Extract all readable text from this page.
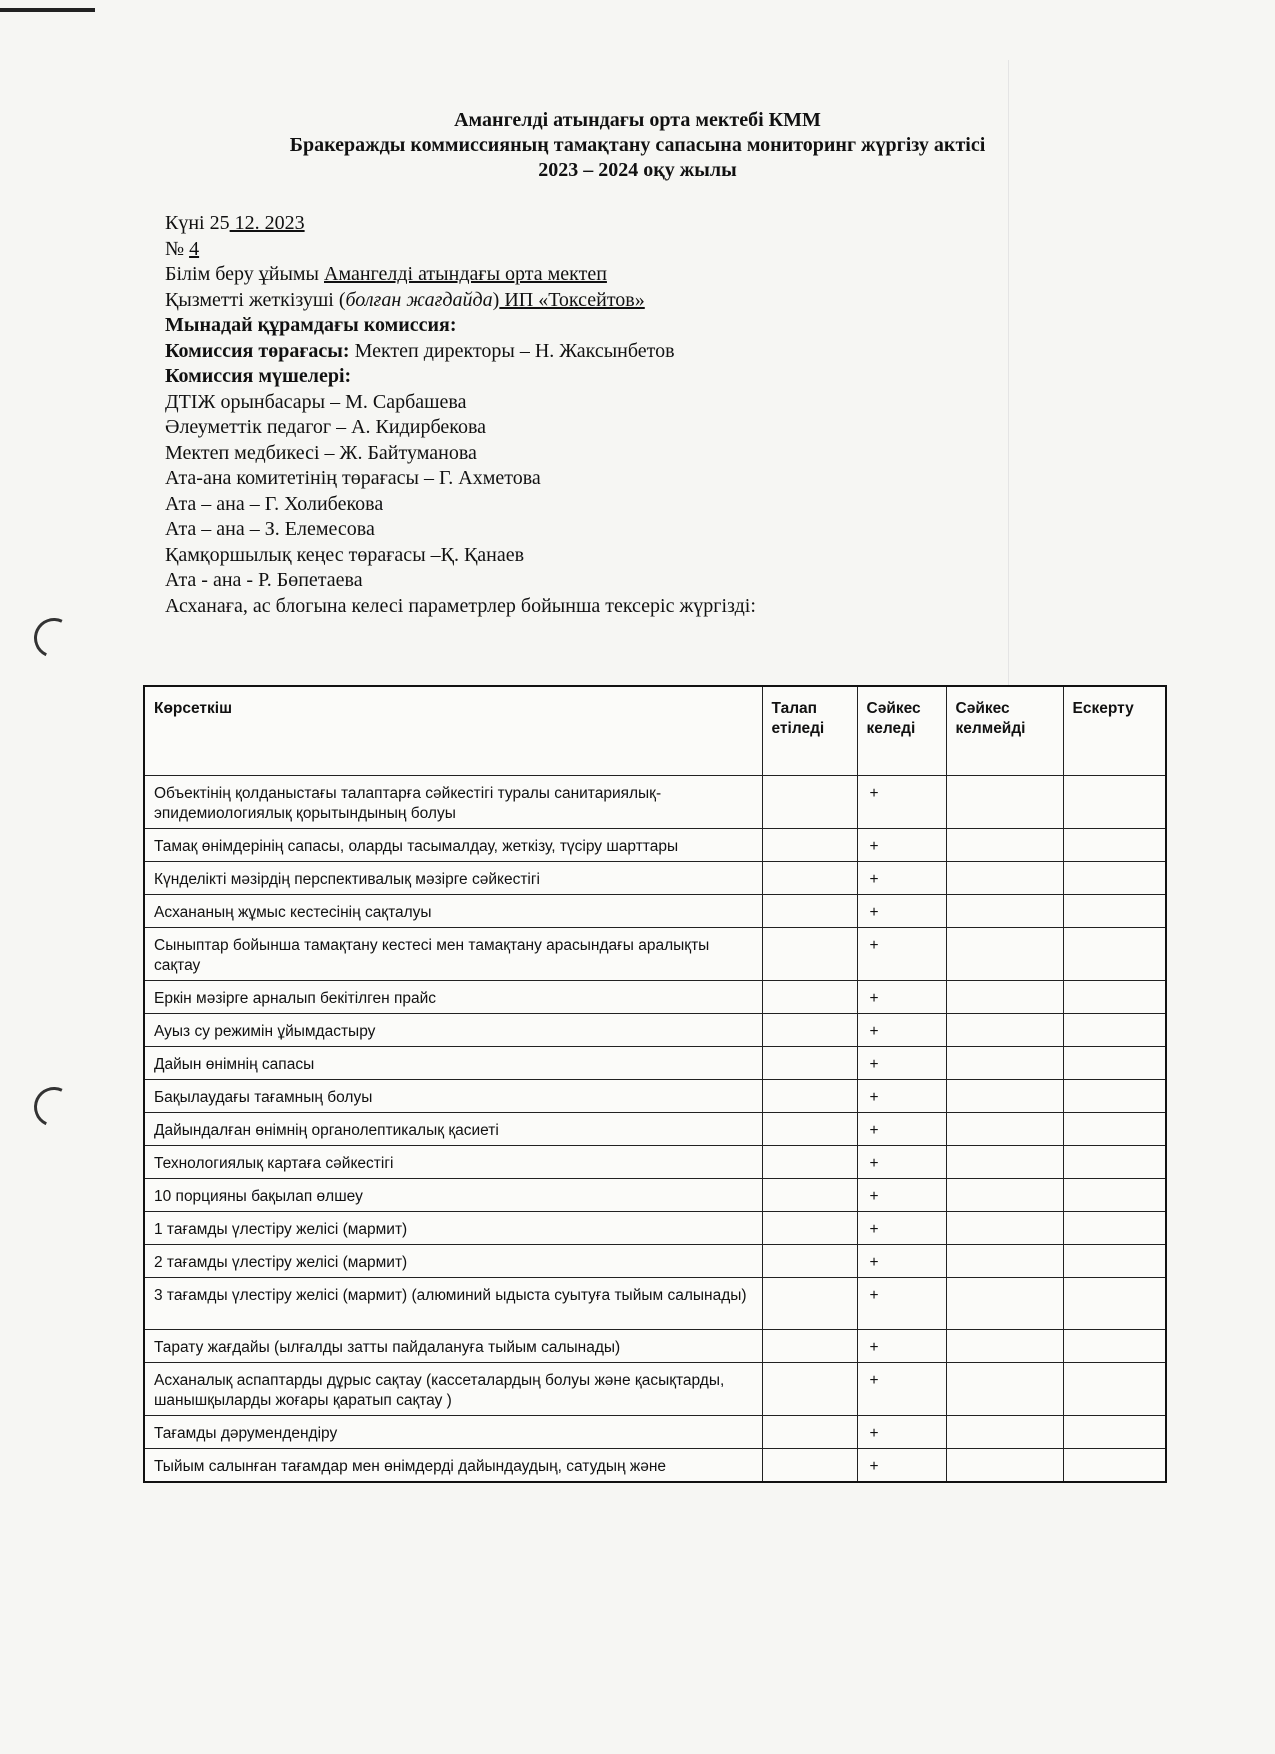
Амангелді атындағы орта мектебі КММ
Бракеражды коммиссияның тамақтану сапасына мониторинг жүргізу актісі
2023 – 2024 оқу жылы
Күні 25 12. 2023
№ 4
Білім беру ұйымы Амангелді атындағы орта мектеп
Қызметті жеткізуші (болған жағдайда) ИП «Токсейтов»
Мынадай құрамдағы комиссия:
Комиссия төрағасы: Мектеп директоры – Н. Жаксынбетов
Комиссия мүшелері:
ДТІЖ орынбасары – М. Сарбашева
Әлеуметтік педагог – А. Кидирбекова
Мектеп медбикесі – Ж. Байтуманова
Ата-ана комитетінің төрағасы – Г. Ахметова
Ата – ана – Г. Холибекова
Ата – ана – З. Елемесова
Қамқоршылық кеңес төрағасы –Қ. Қанаев
Ата - ана - Р. Бөпетаева
Асханаға, ас блогына келесі параметрлер бойынша тексеріс жүргізді:
Көрсеткіш	Талап етіледі	Сәйкес келеді	Сәйкес келмейді	Ескерту
Объектінің қолданыстағы талаптарға сәйкестігі туралы санитариялық-эпидемиологиялық қорытындының болуы		+		
Тамақ өнімдерінің сапасы, оларды тасымалдау, жеткізу, түсіру шарттары		+		
Күнделікті мәзірдің перспективалық мәзірге сәйкестігі		+		
Асхананың жұмыс кестесінің сақталуы		+		
Сыныптар бойынша тамақтану кестесі мен тамақтану арасындағы аралықты сақтау		+		
Еркін мәзірге арналып бекітілген прайс		+		
Ауыз су режимін ұйымдастыру		+		
Дайын өнімнің сапасы		+		
Бақылаудағы тағамның болуы		+		
Дайындалған өнімнің органолептикалық қасиеті		+		
Технологиялық картаға сәйкестігі		+		
10 порцияны бақылап өлшеу		+		
1 тағамды үлестіру желісі (мармит)		+		
2 тағамды үлестіру желісі (мармит)		+		
3 тағамды үлестіру желісі (мармит) (алюминий ыдыста суытуға тыйым салынады)		+		
Тарату жағдайы (ылғалды затты пайдалануға тыйым салынады)		+		
Асханалық аспаптарды дұрыс сақтау (кассеталардың болуы және қасықтарды, шанышқыларды жоғары қаратып сақтау )		+		
Тағамды дәрумендендіру		+		
Тыйым салынған тағамдар мен өнімдерді дайындаудың, сатудың және		+		
